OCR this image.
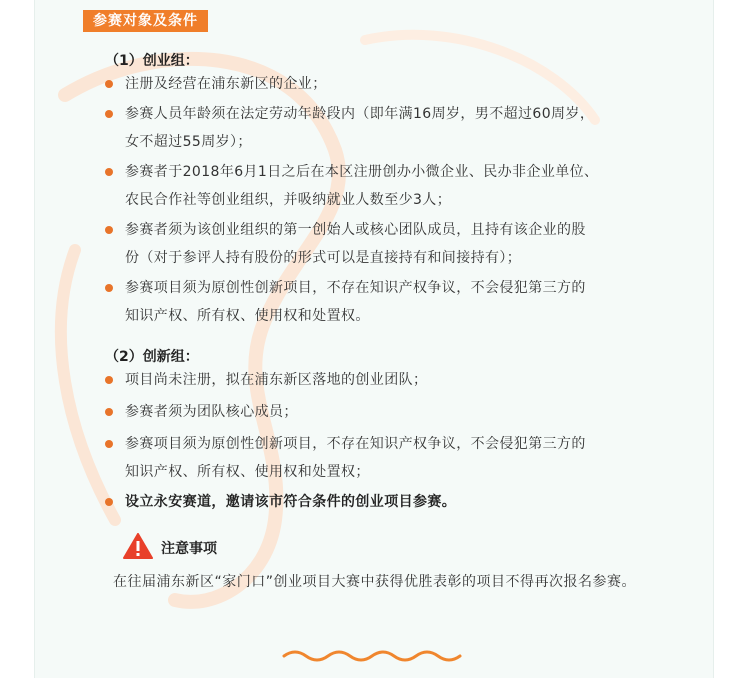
参赛对象及条件
（1）创业组：
注册及经营在浦东新区的企业；
参赛人员年龄须在法定劳动年龄段内（即年满16周岁，男不超过60周岁，
女不超过55周岁）；
参赛者于2018年6月1日之后在本区注册创办小微企业、民办非企业单位、
农民合作社等创业组织，并吸纳就业人数至少3人；
参赛者须为该创业组织的第一创始人或核心团队成员，且持有该企业的股
份（对于参评人持有股份的形式可以是直接持有和间接持有）；
参赛项目须为原创性创新项目，不存在知识产权争议，不会侵犯第三方的
知识产权、所有权、使用权和处置权。
（2）创新组：
项目尚未注册，拟在浦东新区落地的创业团队；
参赛者须为团队核心成员；
参赛项目须为原创性创新项目，不存在知识产权争议，不会侵犯第三方的
知识产权、所有权、使用权和处置权；
设立永安赛道，邀请该市符合条件的创业项目参赛。
注意事项
在往届浦东新区“家门口”创业项目大赛中获得优胜表彰的项目不得再次报名参赛。
